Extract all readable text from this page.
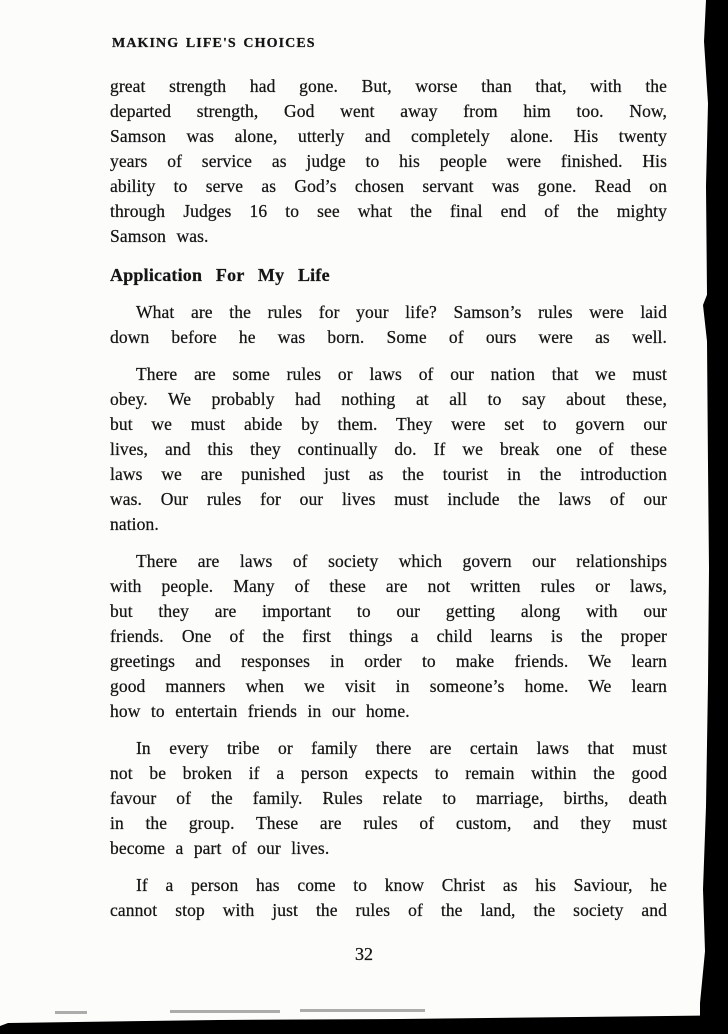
MAKING LIFE'S CHOICES
great strength had gone. But, worse than that, with the
departed strength, God went away from him too. Now,
Samson was alone, utterly and completely alone. His twenty
years of service as judge to his people were finished. His
ability to serve as God’s chosen servant was gone. Read on
through Judges 16 to see what the final end of the mighty
Samson was.
Application For My Life
What are the rules for your life? Samson’s rules were laid
down before he was born. Some of ours were as well.
There are some rules or laws of our nation that we must
obey. We probably had nothing at all to say about these,
but we must abide by them. They were set to govern our
lives, and this they continually do. If we break one of these
laws we are punished just as the tourist in the introduction
was. Our rules for our lives must include the laws of our
nation.
There are laws of society which govern our relationships
with people. Many of these are not written rules or laws,
but they are important to our getting along with our
friends. One of the first things a child learns is the proper
greetings and responses in order to make friends. We learn
good manners when we visit in someone’s home. We learn
how to entertain friends in our home.
In every tribe or family there are certain laws that must
not be broken if a person expects to remain within the good
favour of the family. Rules relate to marriage, births, death
in the group. These are rules of custom, and they must
become a part of our lives.
If a person has come to know Christ as his Saviour, he
cannot stop with just the rules of the land, the society and
32
